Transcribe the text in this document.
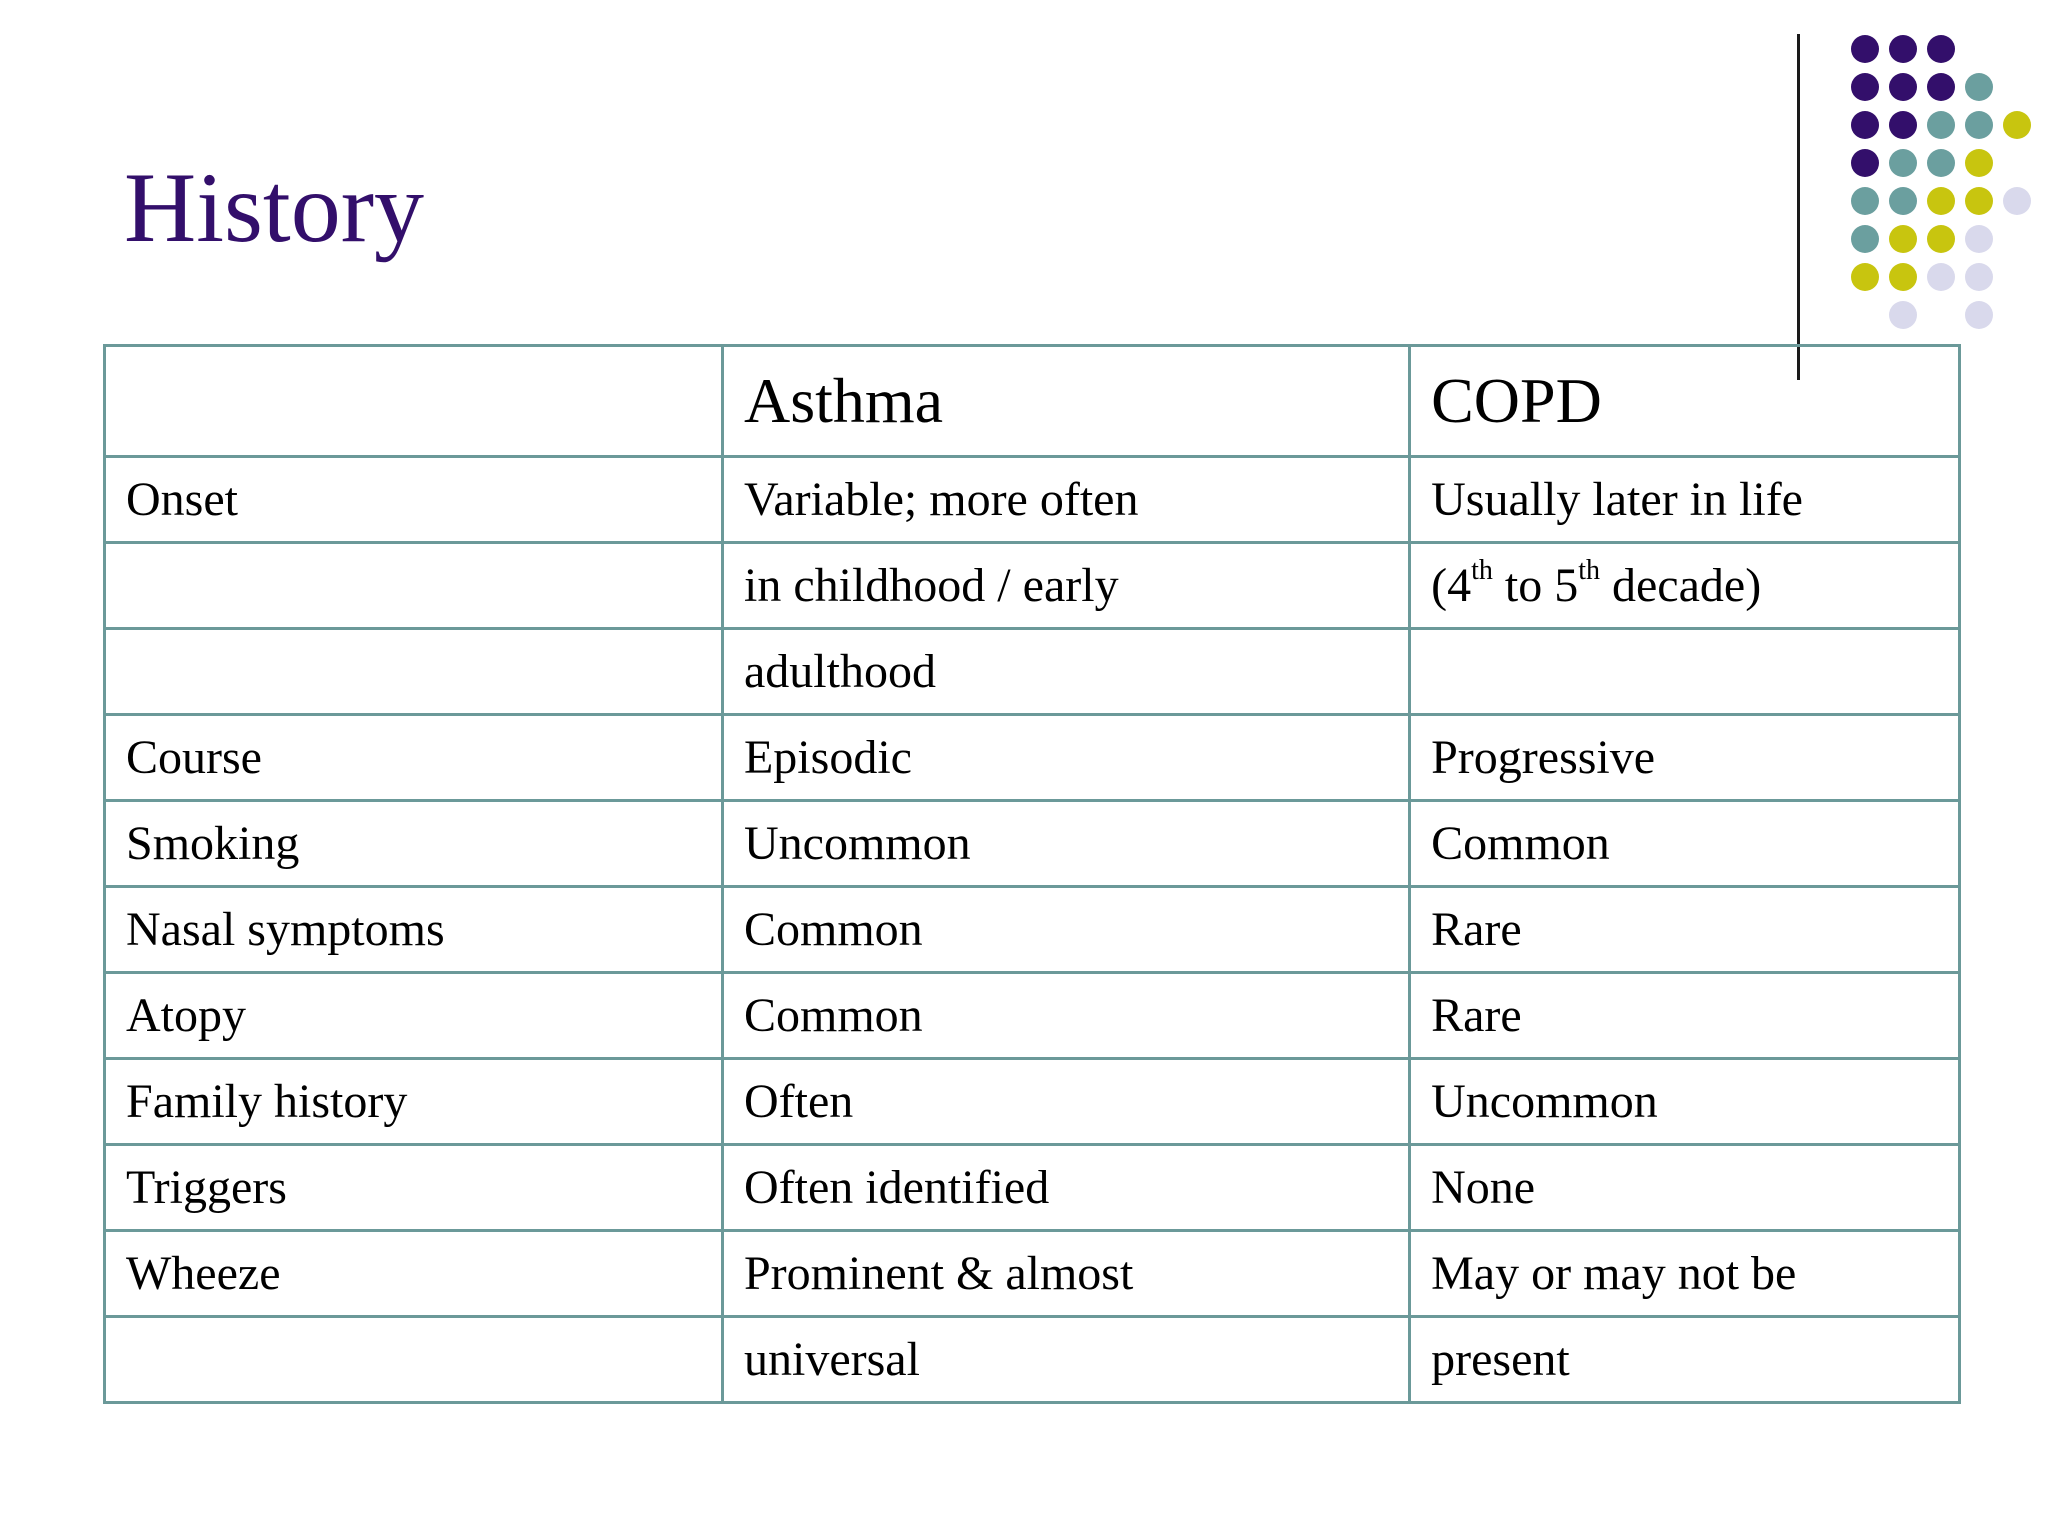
History
	Asthma	COPD
Onset	Variable; more often	Usually later in life
	in childhood / early	(4th to 5th decade)
	adulthood	
Course	Episodic	Progressive
Smoking	Uncommon	Common
Nasal symptoms	Common	Rare
Atopy	Common	Rare
Family history	Often	Uncommon
Triggers	Often identified	None
Wheeze	Prominent & almost	May or may not be
	universal	present
